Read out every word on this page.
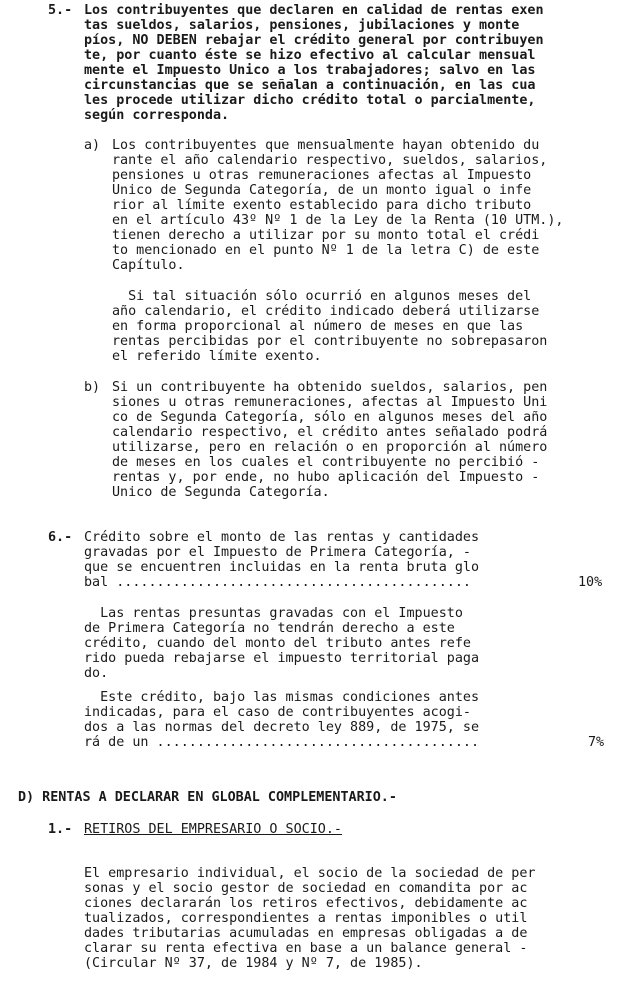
5.- Los contribuyentes que declaren en calidad de rentas exen

tas sueldos, salarios, pensiones, jubilaciones y monte

píos, NO DEBEN rebajar el crédito general por contribuyen

te, por cuanto éste se hizo efectivo al calcular mensual

mente el Impuesto Unico a los trabajadores; salvo en las

circunstancias que se señalan a continuación, en las cua

les procede utilizar dicho crédito total o parcialmente,

según corresponda.

a) Los contribuyentes que mensualmente hayan obtenido du

rante el año calendario respectivo, sueldos, salarios,

pensiones u otras remuneraciones afectas al Impuesto

Unico de Segunda Categoría, de un monto igual o infe

rior al límite exento establecido para dicho tributo

en el artículo 43º Nº 1 de la Ley de la Renta (10 UTM.),

tienen derecho a utilizar por su monto total el crédi

to mencionado en el punto Nº 1 de la letra C) de este

Capítulo.

Si tal situación sólo ocurrió en algunos meses del

año calendario, el crédito indicado deberá utilizarse

en forma proporcional al número de meses en que las

rentas percibidas por el contribuyente no sobrepasaron

el referido límite exento.

b) Si un contribuyente ha obtenido sueldos, salarios, pen

siones u otras remuneraciones, afectas al Impuesto Uni

co de Segunda Categoría, sólo en algunos meses del año

calendario respectivo, el crédito antes señalado podrá

utilizarse, pero en relación o en proporción al número

de meses en los cuales el contribuyente no percibió -

rentas y, por ende, no hubo aplicación del Impuesto -

Unico de Segunda Categoría.

6.- Crédito sobre el monto de las rentas y cantidades

gravadas por el Impuesto de Primera Categoría, -

que se encuentren incluidas en la renta bruta glo

bal ............................................	10%

Las rentas presuntas gravadas con el Impuesto

de Primera Categoría no tendrán derecho a este

crédito, cuando del monto del tributo antes refe

rido pueda rebajarse el impuesto territorial paga

do.

Este crédito, bajo las mismas condiciones antes

indicadas, para el caso de contribuyentes acogi-

dos a las normas del decreto ley 889, de 1975, se

rá de un ........................................	7%

D) RENTAS A DECLARAR EN GLOBAL COMPLEMENTARIO.-

1.- RETIROS DEL EMPRESARIO O SOCIO.-

El empresario individual, el socio de la sociedad de per

sonas y el socio gestor de sociedad en comandita por ac

ciones declararán los retiros efectivos, debidamente ac

tualizados, correspondientes a rentas imponibles o util

dades tributarias acumuladas en empresas obligadas a de

clarar su renta efectiva en base a un balance general -

(Circular Nº 37, de 1984 y Nº 7, de 1985).
